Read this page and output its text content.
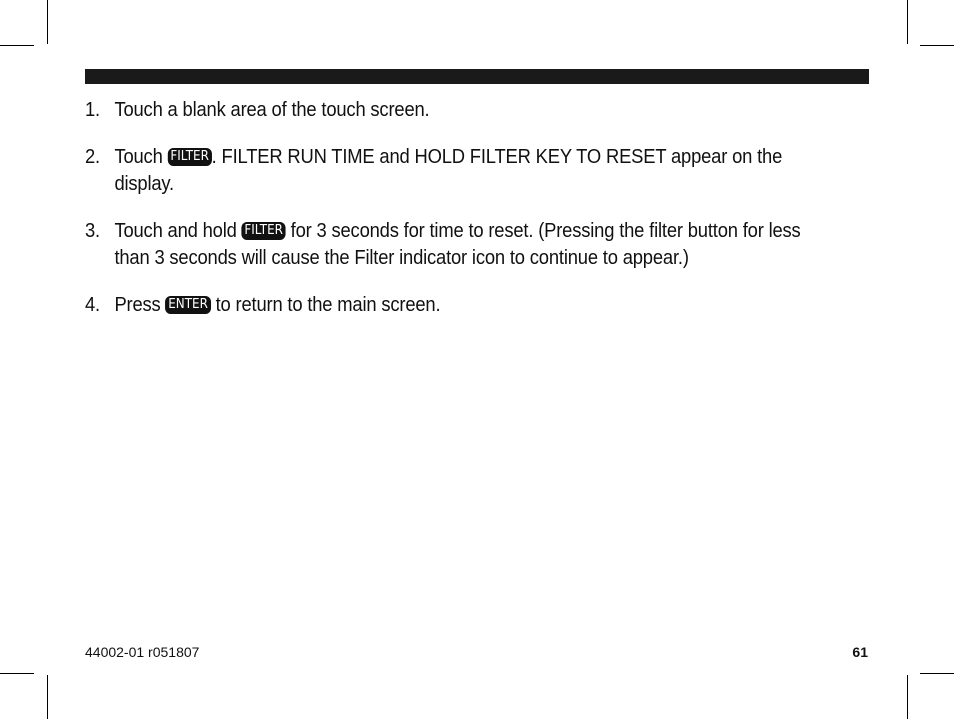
1. Touch a blank area of the touch screen.
2. Touch FILTER . FILTER RUN TIME and HOLD FILTER KEY TO RESET appear on the display.
3. Touch and hold FILTER for 3 seconds for time to reset. (Pressing the filter button for less than 3 seconds will cause the Filter indicator icon to continue to appear.)
4. Press ENTER to return to the main screen.
44002-01 r051807	61
